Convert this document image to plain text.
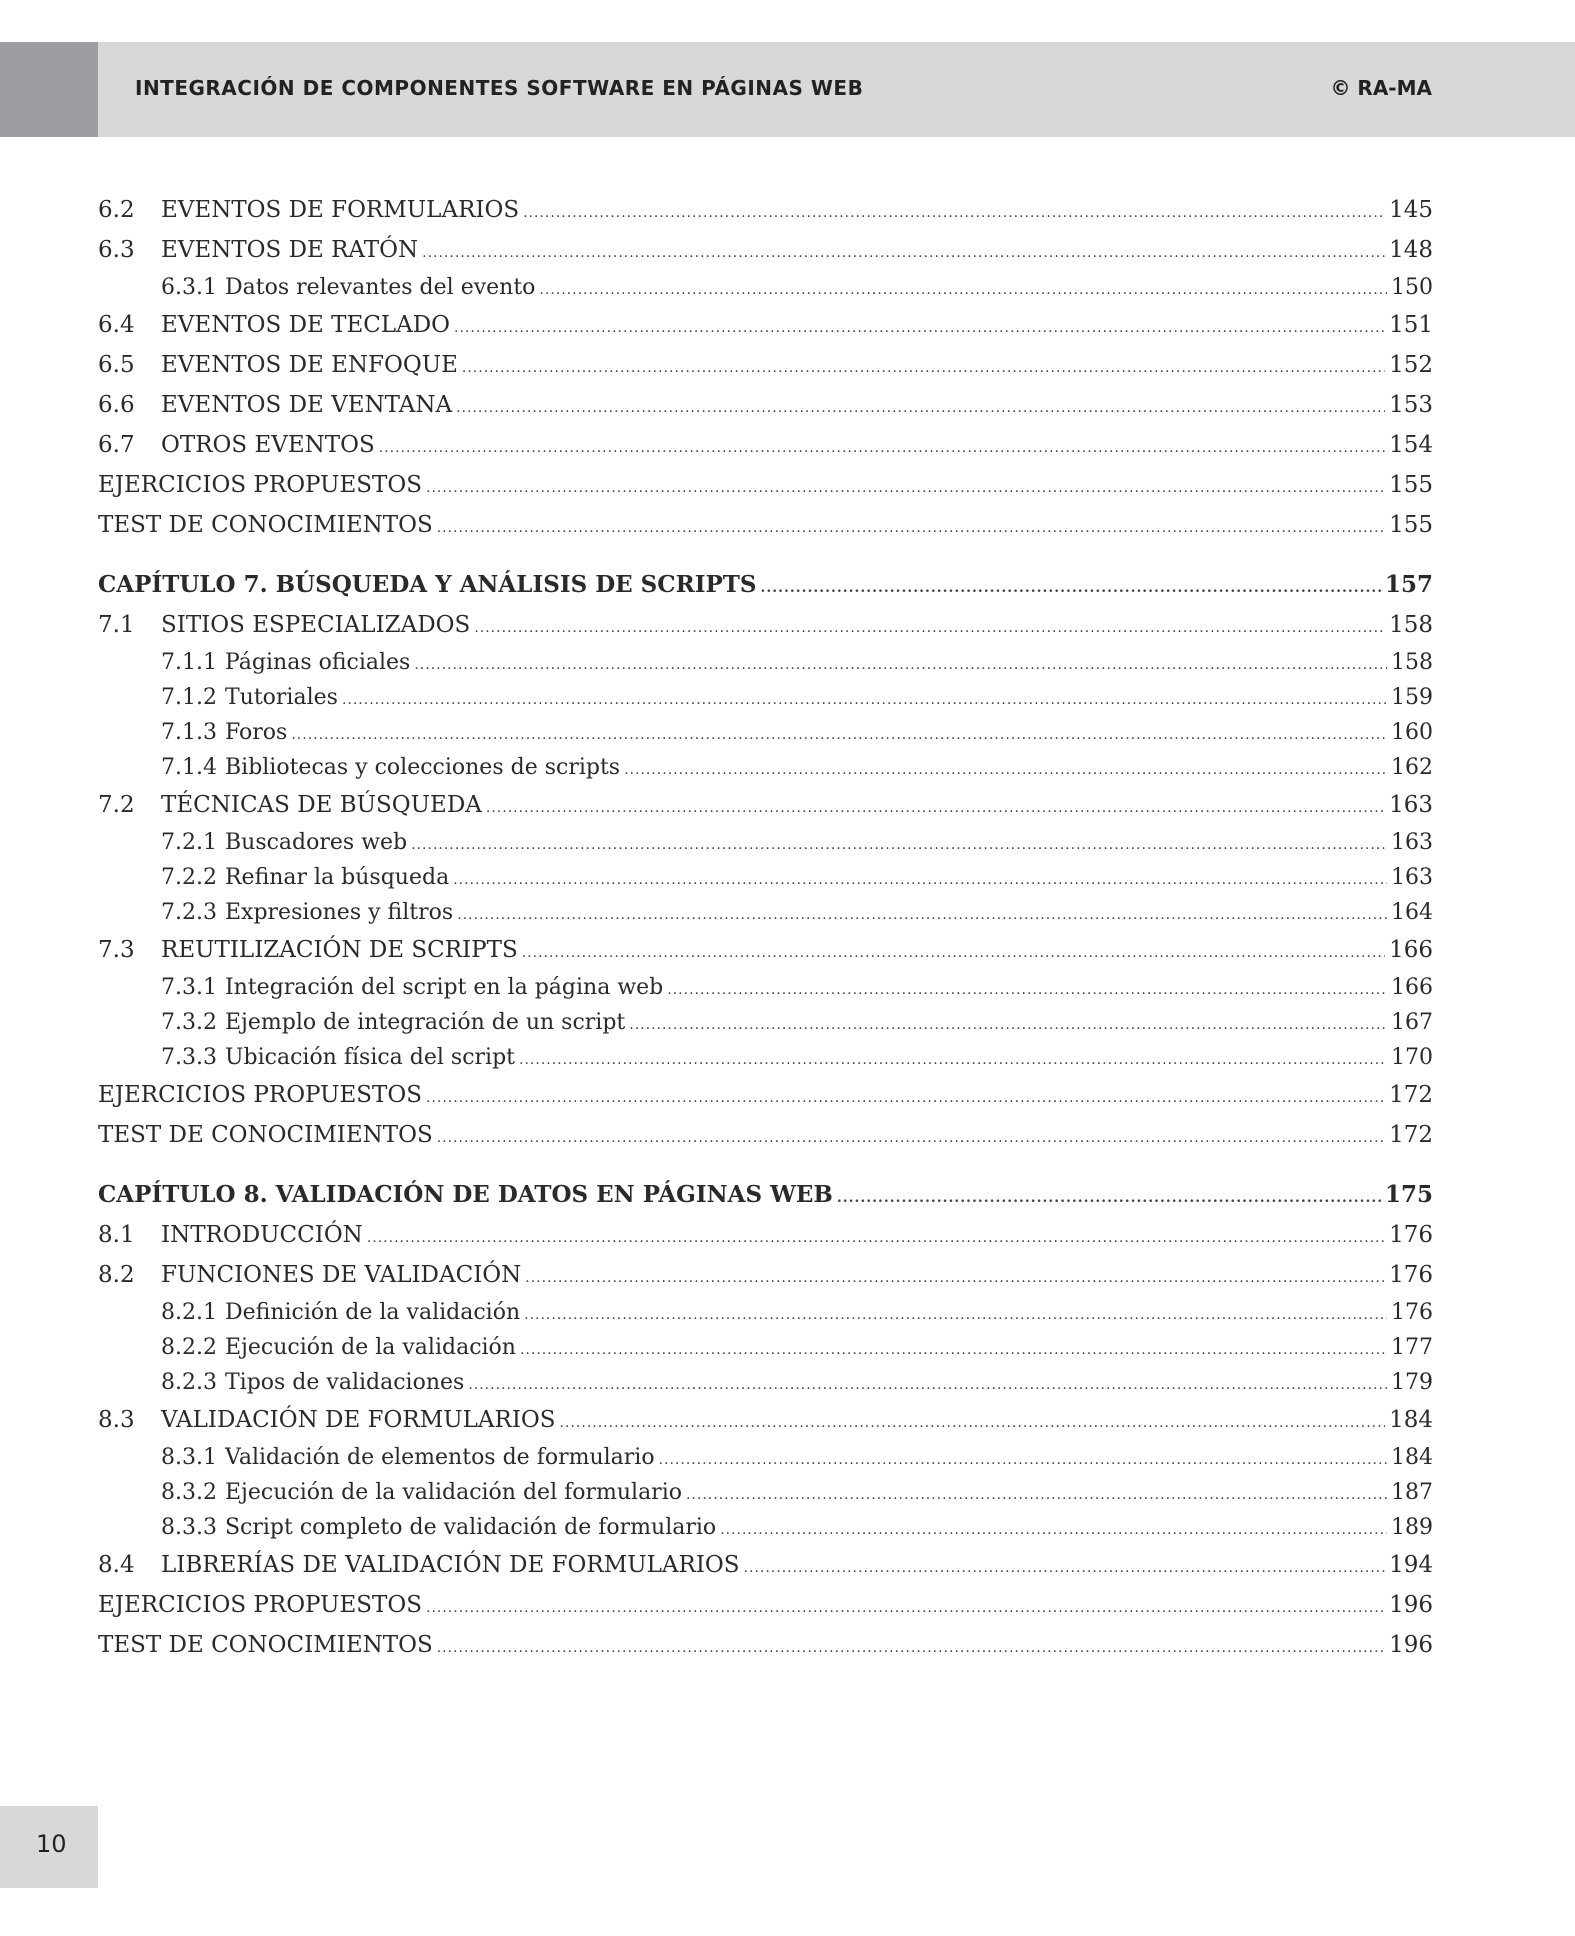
INTEGRACIÓN DE COMPONENTES SOFTWARE EN PÁGINAS WEB	© RA-MA
6.2	EVENTOS DE FORMULARIOS .....	145
6.3	EVENTOS DE RATÓN .....	148
6.3.1 Datos relevantes del evento .....	150
6.4	EVENTOS DE TECLADO .....	151
6.5	EVENTOS DE ENFOQUE .....	152
6.6	EVENTOS DE VENTANA .....	153
6.7	OTROS EVENTOS .....	154
EJERCICIOS PROPUESTOS .....	155
TEST DE CONOCIMIENTOS .....	155
CAPÍTULO 7. BÚSQUEDA Y ANÁLISIS DE SCRIPTS .....	157
7.1	SITIOS ESPECIALIZADOS .....	158
7.1.1 Páginas oficiales .....	158
7.1.2 Tutoriales .....	159
7.1.3 Foros .....	160
7.1.4 Bibliotecas y colecciones de scripts .....	162
7.2	TÉCNICAS DE BÚSQUEDA .....	163
7.2.1 Buscadores web .....	163
7.2.2 Refinar la búsqueda .....	163
7.2.3 Expresiones y filtros .....	164
7.3	REUTILIZACIÓN DE SCRIPTS .....	166
7.3.1 Integración del script en la página web .....	166
7.3.2 Ejemplo de integración de un script .....	167
7.3.3 Ubicación física del script .....	170
EJERCICIOS PROPUESTOS .....	172
TEST DE CONOCIMIENTOS .....	172
CAPÍTULO 8. VALIDACIÓN DE DATOS EN PÁGINAS WEB .....	175
8.1	INTRODUCCIÓN .....	176
8.2	FUNCIONES DE VALIDACIÓN .....	176
8.2.1 Definición de la validación .....	176
8.2.2 Ejecución de la validación .....	177
8.2.3 Tipos de validaciones .....	179
8.3	VALIDACIÓN DE FORMULARIOS .....	184
8.3.1 Validación de elementos de formulario .....	184
8.3.2 Ejecución de la validación del formulario .....	187
8.3.3 Script completo de validación de formulario .....	189
8.4	LIBRERÍAS DE VALIDACIÓN DE FORMULARIOS .....	194
EJERCICIOS PROPUESTOS .....	196
TEST DE CONOCIMIENTOS .....	196
10
